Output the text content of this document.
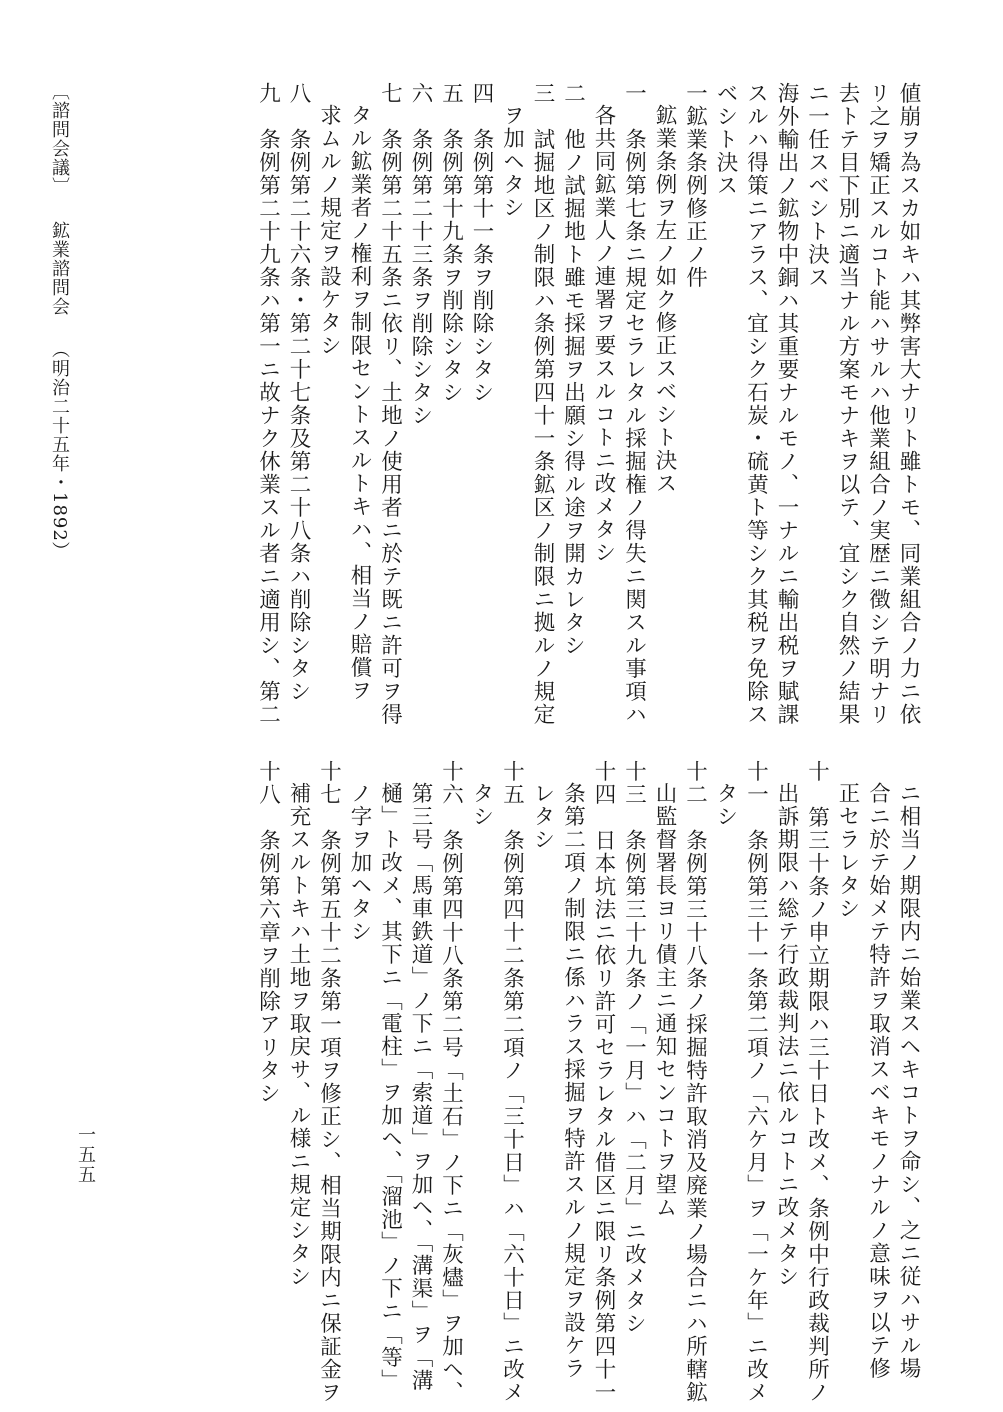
値崩ヲ為スカ如キハ其弊害大ナリト雖トモ、同業組合ノ力ニ依
リ之ヲ矯正スルコト能ハサルハ他業組合ノ実歴ニ徴シテ明ナリ
去トテ目下別ニ適当ナル方案モナキヲ以テ、宜シク自然ノ結果
ニ一任スベシト決ス
海外輸出ノ鉱物中銅ハ其重要ナルモノ、一ナルニ輸出税ヲ賦課
スルハ得策ニアラス、宜シク石炭・硫黄ト等シク其税ヲ免除ス
ベシト決ス
一鉱業条例修正ノ件
鉱業条例ヲ左ノ如ク修正スベシト決ス
一　条例第七条ニ規定セラレタル採掘権ノ得失ニ関スル事項ハ
各共同鉱業人ノ連署ヲ要スルコトニ改メタシ
二　他ノ試掘地ト雖モ採掘ヲ出願シ得ル途ヲ開カレタシ
三　試掘地区ノ制限ハ条例第四十一条鉱区ノ制限ニ拠ルノ規定
ヲ加ヘタシ
四　条例第十一条ヲ削除シタシ
五　条例第十九条ヲ削除シタシ
六　条例第二十三条ヲ削除シタシ
七　条例第二十五条ニ依リ、土地ノ使用者ニ於テ既ニ許可ヲ得
タル鉱業者ノ権利ヲ制限セントスルトキハ、相当ノ賠償ヲ
求ムルノ規定ヲ設ケタシ
八　条例第二十六条・第二十七条及第二十八条ハ削除シタシ
九　条例第二十九条ハ第一ニ故ナク休業スル者ニ適用シ、第二
ニ相当ノ期限内ニ始業スヘキコトヲ命シ、之ニ従ハサル場
合ニ於テ始メテ特許ヲ取消スベキモノナルノ意味ヲ以テ修
正セラレタシ
十　第三十条ノ申立期限ハ三十日ト改メ、条例中行政裁判所ノ
出訴期限ハ総テ行政裁判法ニ依ルコトニ改メタシ
十一　条例第三十一条第二項ノ「六ケ月」ヲ「一ケ年」ニ改メ
タシ
十二　条例第三十八条ノ採掘特許取消及廃業ノ場合ニハ所轄鉱
山監督署長ヨリ債主ニ通知センコトヲ望ム
十三　条例第三十九条ノ「一月」ハ「二月」ニ改メタシ
十四　日本坑法ニ依リ許可セラレタル借区ニ限リ条例第四十一
条第二項ノ制限ニ係ハラス採掘ヲ特許スルノ規定ヲ設ケラ
レタシ
十五　条例第四十二条第二項ノ「三十日」ハ「六十日」ニ改メ
タシ
十六　条例第四十八条第二号「土石」ノ下ニ「灰燼」ヲ加ヘ、
第三号「馬車鉄道」ノ下ニ「索道」ヲ加ヘ、「溝渠」ヲ「溝
樋」ト改メ、其下ニ「電柱」ヲ加ヘ、「溜池」ノ下ニ「等」
ノ字ヲ加ヘタシ
十七　条例第五十二条第一項ヲ修正シ、相当期限内ニ保証金ヲ
補充スルトキハ土地ヲ取戻サ、ル様ニ規定シタシ
十八　条例第六章ヲ削除アリタシ
〔諮問会議〕 鉱業諮問会 （明治二十五年・1892）
一五五
